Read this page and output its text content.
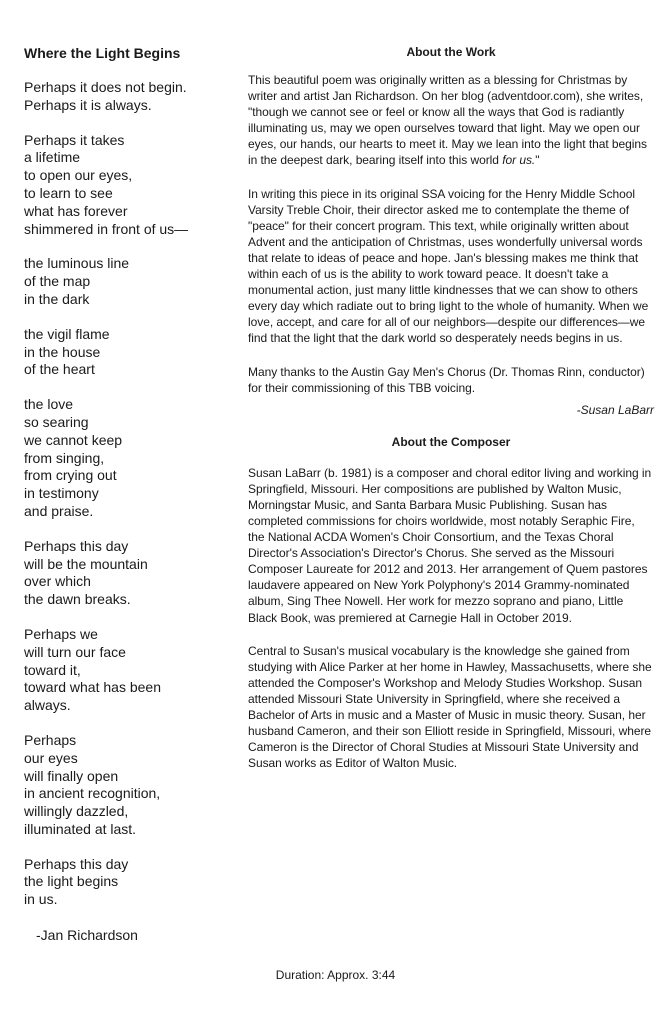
Where the Light Begins
Perhaps it does not begin.
Perhaps it is always.
Perhaps it takes
a lifetime
to open our eyes,
to learn to see
what has forever
shimmered in front of us—
the luminous line
of the map
in the dark
the vigil flame
in the house
of the heart
the love
so searing
we cannot keep
from singing,
from crying out
in testimony
and praise.
Perhaps this day
will be the mountain
over which
the dawn breaks.
Perhaps we
will turn our face
toward it,
toward what has been
always.
Perhaps
our eyes
will finally open
in ancient recognition,
willingly dazzled,
illuminated at last.
Perhaps this day
the light begins
in us.
-Jan Richardson
About the Work

This beautiful poem was originally written as a blessing for Christmas by writer and artist Jan Richardson. On her blog (adventdoor.com), she writes, "though we cannot see or feel or know all the ways that God is radiantly illuminating us, may we open ourselves toward that light. May we open our eyes, our hands, our hearts to meet it. May we lean into the light that begins in the deepest dark, bearing itself into this world for us."

In writing this piece in its original SSA voicing for the Henry Middle School Varsity Treble Choir, their director asked me to contemplate the theme of "peace" for their concert program. This text, while originally written about Advent and the anticipation of Christmas, uses wonderfully universal words that relate to ideas of peace and hope. Jan's blessing makes me think that within each of us is the ability to work toward peace. It doesn't take a monumental action, just many little kindnesses that we can show to others every day which radiate out to bring light to the whole of humanity. When we love, accept, and care for all of our neighbors—despite our differences—we find that the light that the dark world so desperately needs begins in us.

Many thanks to the Austin Gay Men's Chorus (Dr. Thomas Rinn, conductor) for their commissioning of this TBB voicing.

-Susan LaBarr
About the Composer

Susan LaBarr (b. 1981) is a composer and choral editor living and working in Springfield, Missouri. Her compositions are published by Walton Music, Morningstar Music, and Santa Barbara Music Publishing. Susan has completed commissions for choirs worldwide, most notably Seraphic Fire, the National ACDA Women's Choir Consortium, and the Texas Choral Director's Association's Director's Chorus. She served as the Missouri Composer Laureate for 2012 and 2013. Her arrangement of Quem pastores laudavere appeared on New York Polyphony's 2014 Grammy-nominated album, Sing Thee Nowell. Her work for mezzo soprano and piano, Little Black Book, was premiered at Carnegie Hall in October 2019.

Central to Susan's musical vocabulary is the knowledge she gained from studying with Alice Parker at her home in Hawley, Massachusetts, where she attended the Composer's Workshop and Melody Studies Workshop. Susan attended Missouri State University in Springfield, where she received a Bachelor of Arts in music and a Master of Music in music theory. Susan, her husband Cameron, and their son Elliott reside in Springfield, Missouri, where Cameron is the Director of Choral Studies at Missouri State University and Susan works as Editor of Walton Music.

Duration: Approx. 3:44
